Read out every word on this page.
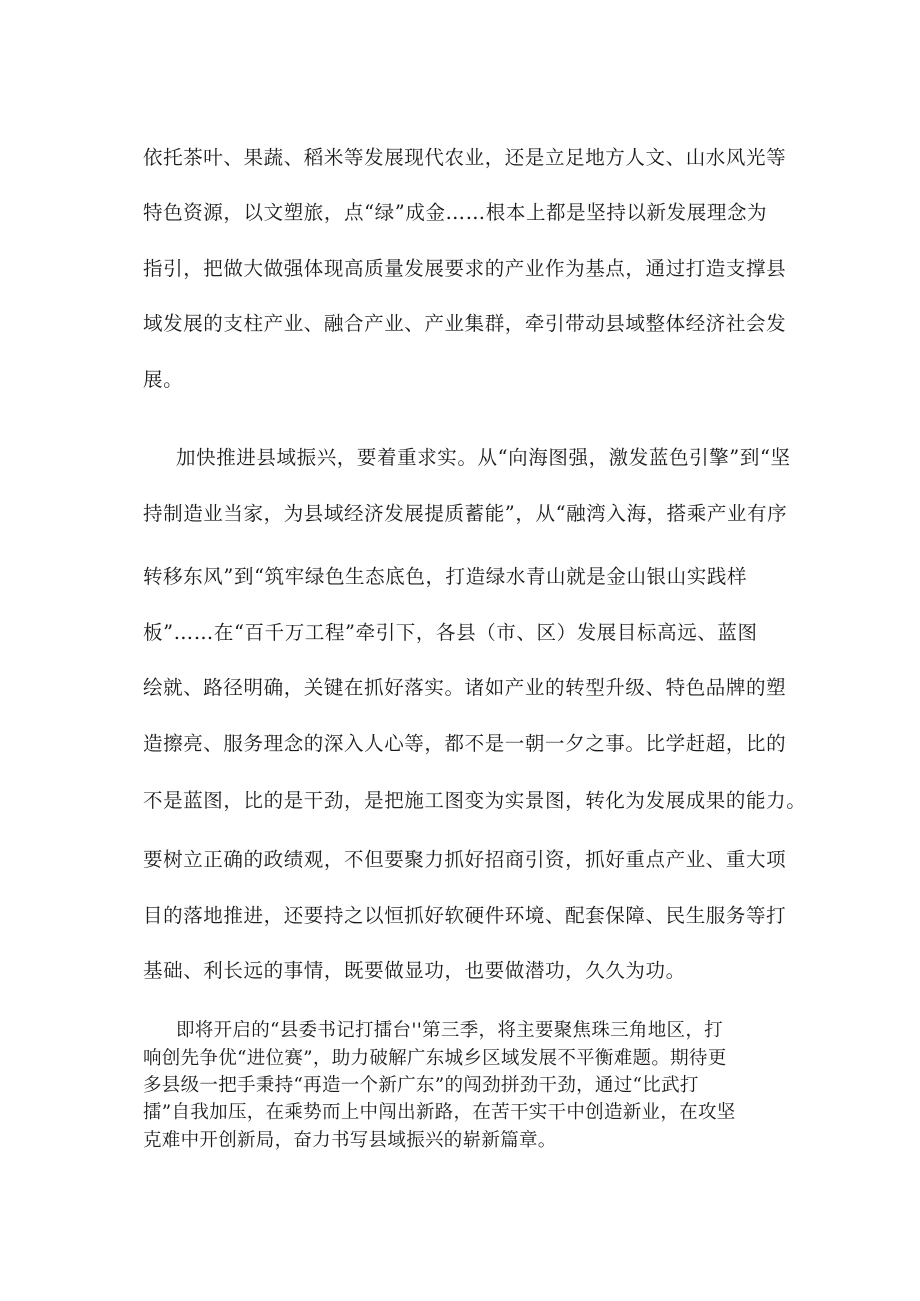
依托茶叶、果蔬、稻米等发展现代农业，还是立足地方人文、山水风光等
特色资源，以文塑旅，点“绿”成金……根本上都是坚持以新发展理念为
指引，把做大做强体现高质量发展要求的产业作为基点，通过打造支撑县
域发展的支柱产业、融合产业、产业集群，牵引带动县域整体经济社会发
展。
加快推进县域振兴，要着重求实。从“向海图强，激发蓝色引擎”到“坚
持制造业当家，为县域经济发展提质蓄能”，从“融湾入海，搭乘产业有序
转移东风”到“筑牢绿色生态底色，打造绿水青山就是金山银山实践样
板”……在“百千万工程”牵引下，各县（市、区）发展目标高远、蓝图
绘就、路径明确，关键在抓好落实。诸如产业的转型升级、特色品牌的塑
造擦亮、服务理念的深入人心等，都不是一朝一夕之事。比学赶超，比的
不是蓝图，比的是干劲，是把施工图变为实景图，转化为发展成果的能力。
要树立正确的政绩观，不但要聚力抓好招商引资，抓好重点产业、重大项
目的落地推进，还要持之以恒抓好软硬件环境、配套保障、民生服务等打
基础、利长远的事情，既要做显功，也要做潜功，久久为功。
即将开启的“县委书记打擂台''第三季，将主要聚焦珠三角地区，打
响创先争优“进位赛”，助力破解广东城乡区域发展不平衡难题。期待更
多县级一把手秉持“再造一个新广东”的闯劲拼劲干劲，通过“比武打
擂”自我加压，在乘势而上中闯出新路，在苦干实干中创造新业，在攻坚
克难中开创新局，奋力书写县域振兴的崭新篇章。
